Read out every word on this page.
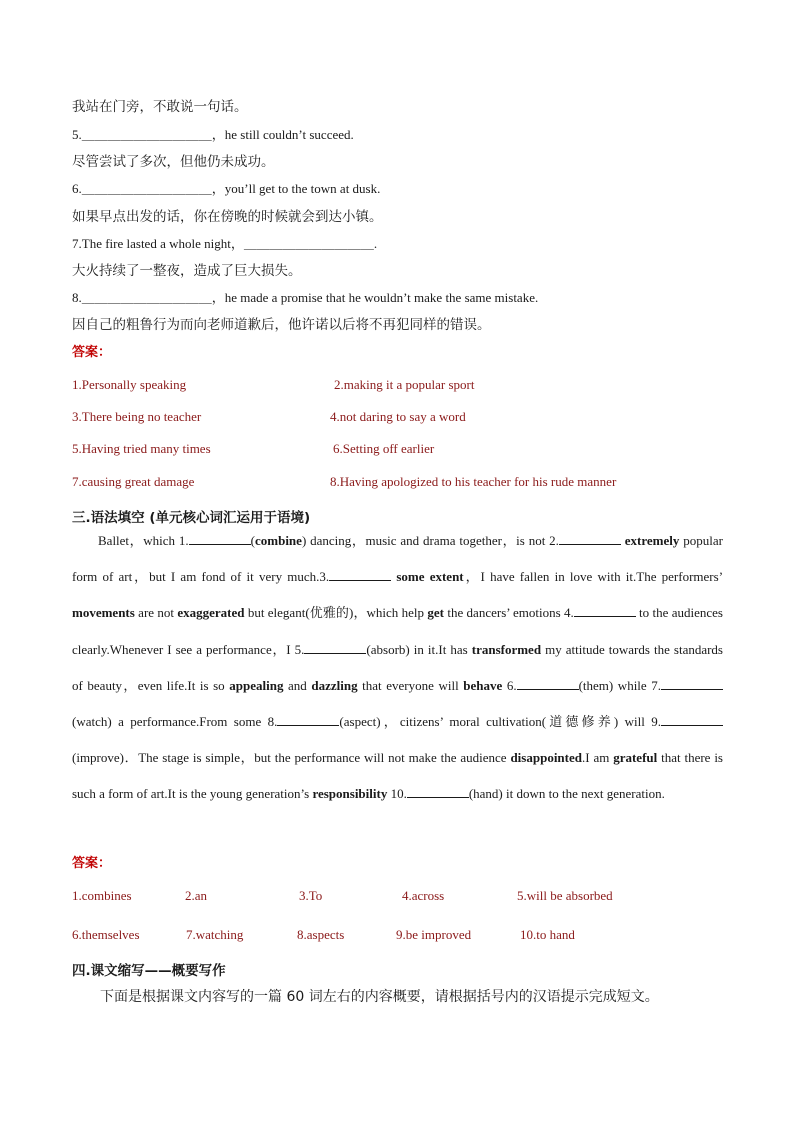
我站在门旁，不敢说一句话。
5.＿＿＿＿＿＿＿＿＿＿，he still couldn’t succeed.
尽管尝试了多次，但他仍未成功。
6.＿＿＿＿＿＿＿＿＿＿，you’ll get to the town at dusk.
如果早点出发的话，你在傍晚的时候就会到达小镇。
7.The fire lasted a whole night，＿＿＿＿＿＿＿＿＿＿.
大火持续了一整夜，造成了巨大损失。
8.＿＿＿＿＿＿＿＿＿＿，he made a promise that he wouldn’t make the same mistake.
因自己的粗鲁行为而向老师道歉后，他许诺以后将不再犯同样的错误。
答案：
1.Personally speaking	2.making it a popular sport
3.There being no teacher	4.not daring to say a word
5.Having tried many times	6.Setting off earlier
7.causing great damage	8.Having apologized to his teacher for his rude manner
三.语法填空 (单元核心词汇运用于语境)
Ballet，which 1.	(combine) dancing，music and drama together，is not 2.	extremely popular form of art，but I am fond of it very much.3.	some extent，I have fallen in love with it.The performers’ movements are not exaggerated but elegant(优雅的)，which help get the dancers’ emotions 4.	to the audiences clearly.Whenever I see a performance，I 5.	(absorb) in it.It has transformed my attitude towards the standards of beauty，even life.It is so appealing and dazzling that everyone will behave 6.	(them) while 7.(watch) a performance.From some 8.	(aspect)，citizens’ moral cultivation(道德修养) will 9.(improve)．The stage is simple，but the performance will not make the audience disappointed.I am grateful that there is such a form of art.It is the young generation’s responsibility 10.	(hand) it down to the next generation.
答案：
1.combines	2.an	3.To	4.across	5.will be absorbed
6.themselves	7.watching	8.aspects	9.be improved	10.to hand
四.课文缩写——概要写作
下面是根据课文内容写的一篇 60 词左右的内容概要，请根据括号内的汉语提示完成短文。
